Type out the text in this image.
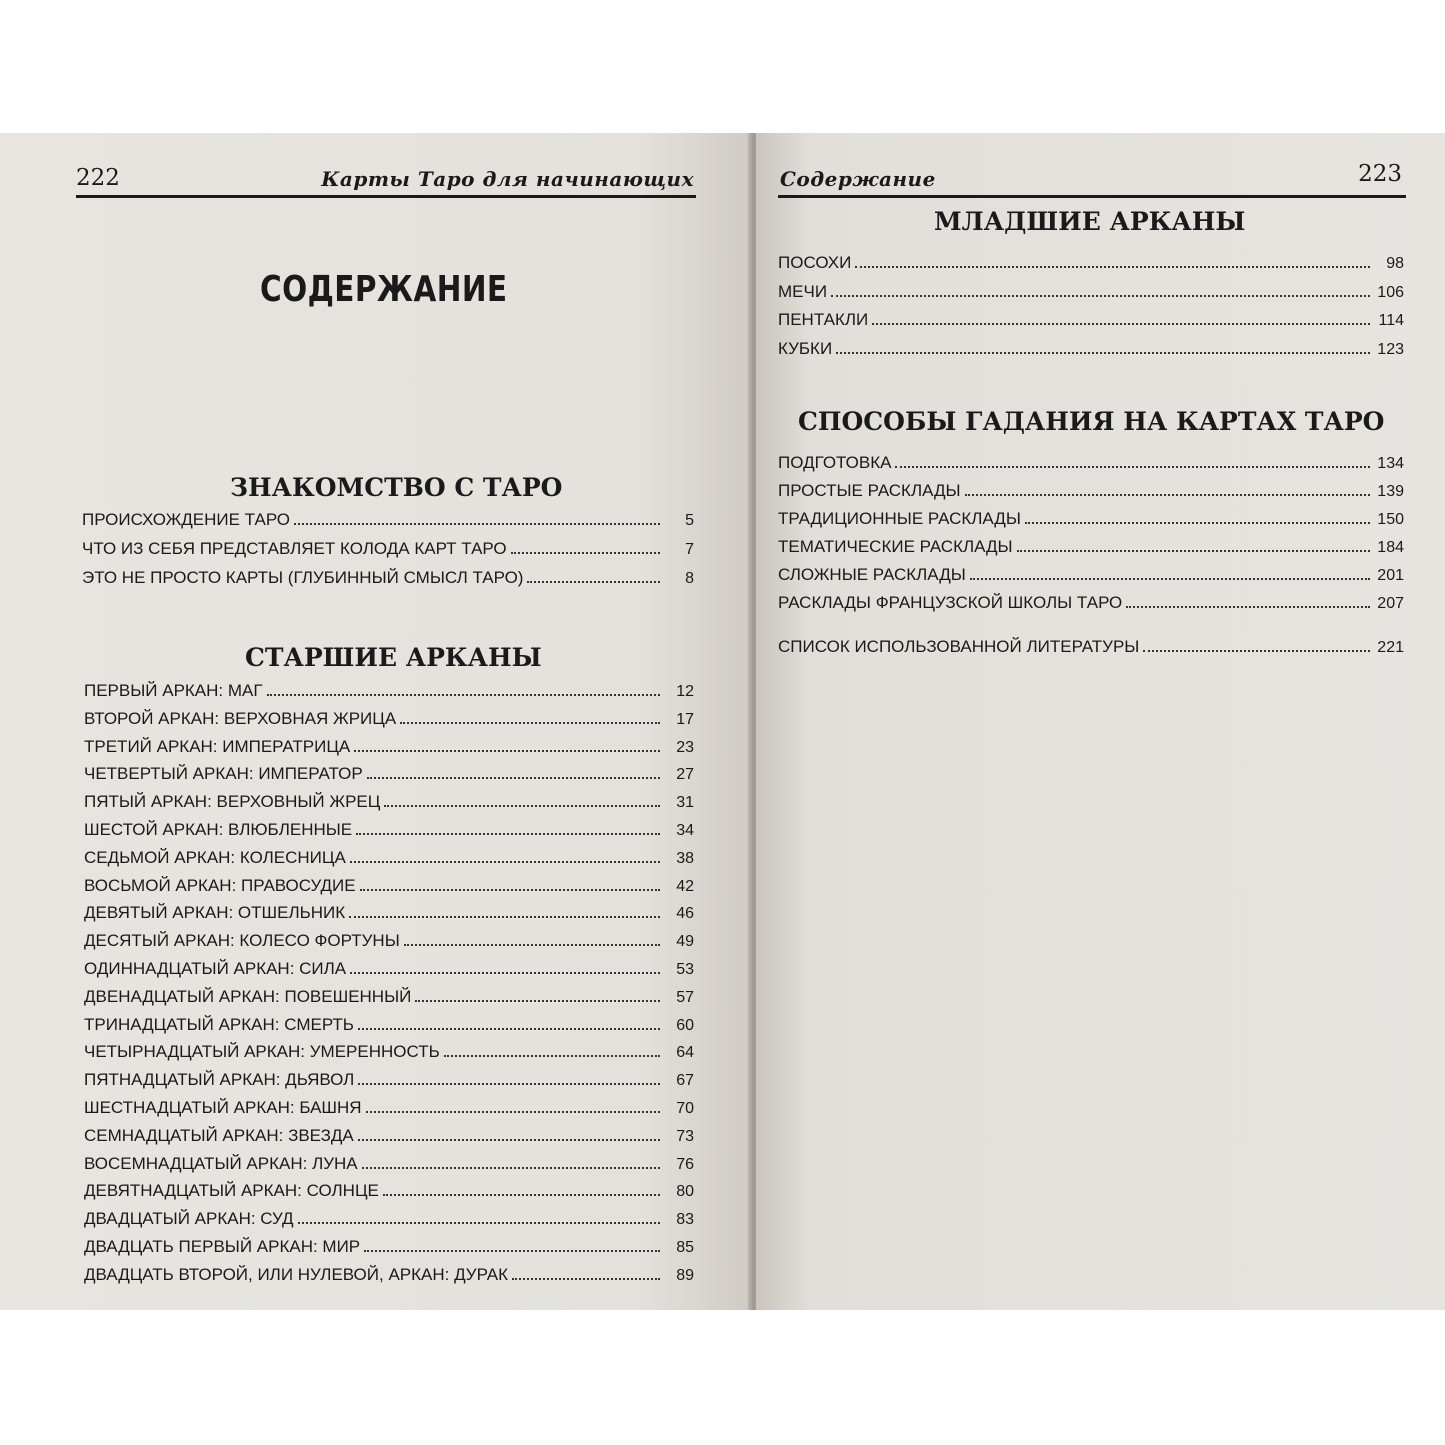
222	Карты Таро для начинающих
СОДЕРЖАНИЕ
ЗНАКОМСТВО С ТАРО
ПРОИСХОЖДЕНИЕ ТАРО	5
ЧТО ИЗ СЕБЯ ПРЕДСТАВЛЯЕТ КОЛОДА КАРТ ТАРО	7
ЭТО НЕ ПРОСТО КАРТЫ (ГЛУБИННЫЙ СМЫСЛ ТАРО)	8
СТАРШИЕ АРКАНЫ
ПЕРВЫЙ АРКАН: МАГ	12
ВТОРОЙ АРКАН: ВЕРХОВНАЯ ЖРИЦА	17
ТРЕТИЙ АРКАН: ИМПЕРАТРИЦА	23
ЧЕТВЕРТЫЙ АРКАН: ИМПЕРАТОР	27
ПЯТЫЙ АРКАН: ВЕРХОВНЫЙ ЖРЕЦ	31
ШЕСТОЙ АРКАН: ВЛЮБЛЕННЫЕ	34
СЕДЬМОЙ АРКАН: КОЛЕСНИЦА	38
ВОСЬМОЙ АРКАН: ПРАВОСУДИЕ	42
ДЕВЯТЫЙ АРКАН: ОТШЕЛЬНИК	46
ДЕСЯТЫЙ АРКАН: КОЛЕСО ФОРТУНЫ	49
ОДИННАДЦАТЫЙ АРКАН: СИЛА	53
ДВЕНАДЦАТЫЙ АРКАН: ПОВЕШЕННЫЙ	57
ТРИНАДЦАТЫЙ АРКАН: СМЕРТЬ	60
ЧЕТЫРНАДЦАТЫЙ АРКАН: УМЕРЕННОСТЬ	64
ПЯТНАДЦАТЫЙ АРКАН: ДЬЯВОЛ	67
ШЕСТНАДЦАТЫЙ АРКАН: БАШНЯ	70
СЕМНАДЦАТЫЙ АРКАН: ЗВЕЗДА	73
ВОСЕМНАДЦАТЫЙ АРКАН: ЛУНА	76
ДЕВЯТНАДЦАТЫЙ АРКАН: СОЛНЦЕ	80
ДВАДЦАТЫЙ АРКАН: СУД	83
ДВАДЦАТЬ ПЕРВЫЙ АРКАН: МИР	85
ДВАДЦАТЬ ВТОРОЙ, ИЛИ НУЛЕВОЙ, АРКАН: ДУРАК	89
Содержание	223
МЛАДШИЕ АРКАНЫ
ПОСОХИ	98
МЕЧИ	106
ПЕНТАКЛИ	114
КУБКИ	123
СПОСОБЫ ГАДАНИЯ НА КАРТАХ ТАРО
ПОДГОТОВКА	134
ПРОСТЫЕ РАСКЛАДЫ	139
ТРАДИЦИОННЫЕ РАСКЛАДЫ	150
ТЕМАТИЧЕСКИЕ РАСКЛАДЫ	184
СЛОЖНЫЕ РАСКЛАДЫ	201
РАСКЛАДЫ ФРАНЦУЗСКОЙ ШКОЛЫ ТАРО	207
СПИСОК ИСПОЛЬЗОВАННОЙ ЛИТЕРАТУРЫ	221
